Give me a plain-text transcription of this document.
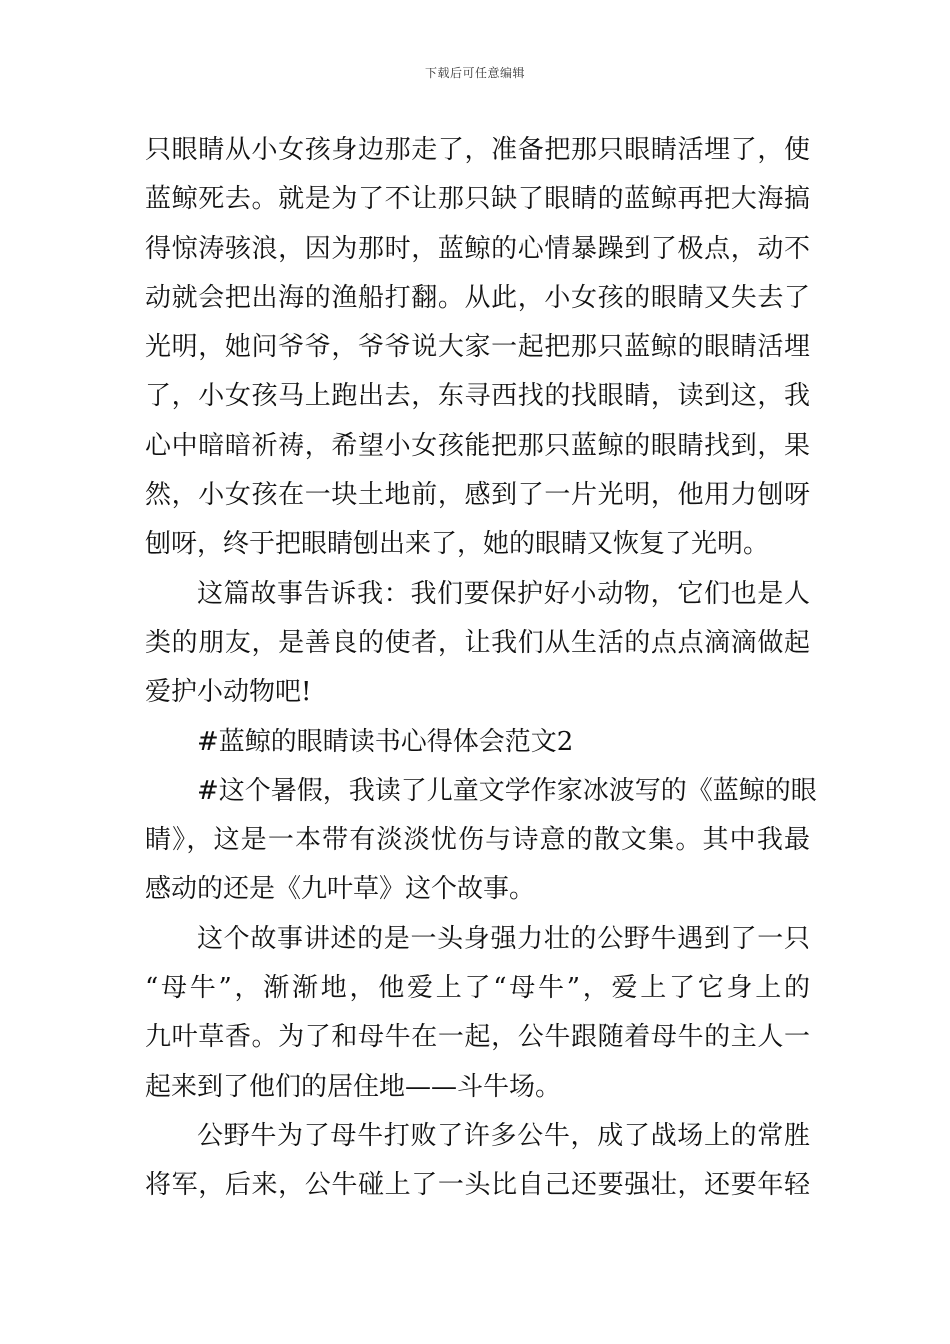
下载后可任意编辑
只眼睛从小女孩身边那走了，准备把那只眼睛活埋了，使
蓝鲸死去。就是为了不让那只缺了眼睛的蓝鲸再把大海搞
得惊涛骇浪，因为那时，蓝鲸的心情暴躁到了极点，动不
动就会把出海的渔船打翻。从此，小女孩的眼睛又失去了
光明，她问爷爷，爷爷说大家一起把那只蓝鲸的眼睛活埋
了，小女孩马上跑出去，东寻西找的找眼睛，读到这，我
心中暗暗祈祷，希望小女孩能把那只蓝鲸的眼睛找到，果
然，小女孩在一块土地前，感到了一片光明，他用力刨呀
刨呀，终于把眼睛刨出来了，她的眼睛又恢复了光明。
这篇故事告诉我：我们要保护好小动物，它们也是人
类的朋友，是善良的使者，让我们从生活的点点滴滴做起
爱护小动物吧!
#蓝鲸的眼睛读书心得体会范文2
#这个暑假，我读了儿童文学作家冰波写的《蓝鲸的眼
睛》，这是一本带有淡淡忧伤与诗意的散文集。其中我最
感动的还是《九叶草》这个故事。
这个故事讲述的是一头身强力壮的公野牛遇到了一只
“母牛”，渐渐地，他爱上了“母牛”，爱上了它身上的
九叶草香。为了和母牛在一起，公牛跟随着母牛的主人一
起来到了他们的居住地——斗牛场。
公野牛为了母牛打败了许多公牛，成了战场上的常胜
将军，后来，公牛碰上了一头比自己还要强壮，还要年轻
